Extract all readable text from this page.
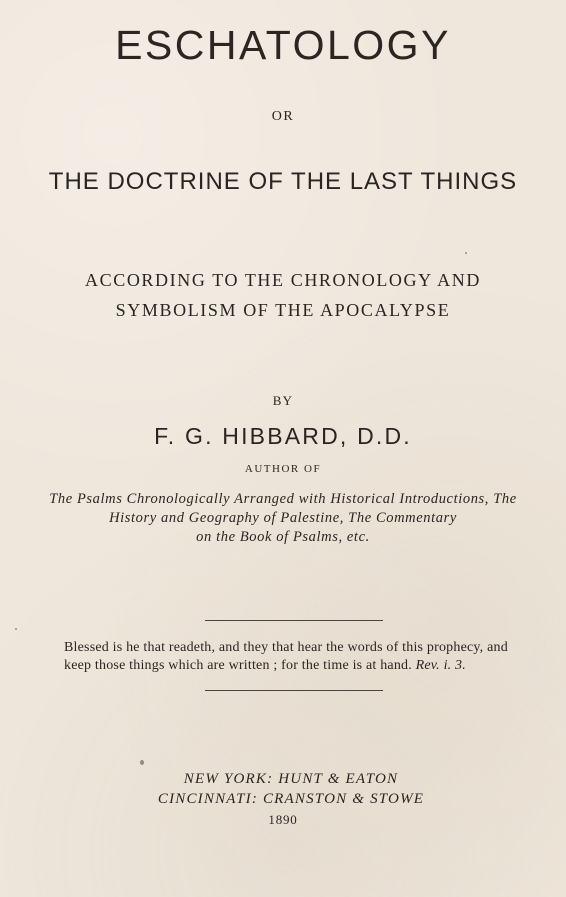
ESCHATOLOGY
OR
THE DOCTRINE OF THE LAST THINGS
ACCORDING TO THE CHRONOLOGY AND
SYMBOLISM OF THE APOCALYPSE
BY
F. G. HIBBARD, D.D.
AUTHOR OF
The Psalms Chronologically Arranged with Historical Introductions, The
History and Geography of Palestine, The Commentary
on the Book of Psalms, etc.
Blessed is he that readeth, and they that hear the words of this prophecy, and
keep those things which are written ; for the time is at hand. Rev. i. 3.
NEW YORK: HUNT & EATON
CINCINNATI: CRANSTON & STOWE
1890
